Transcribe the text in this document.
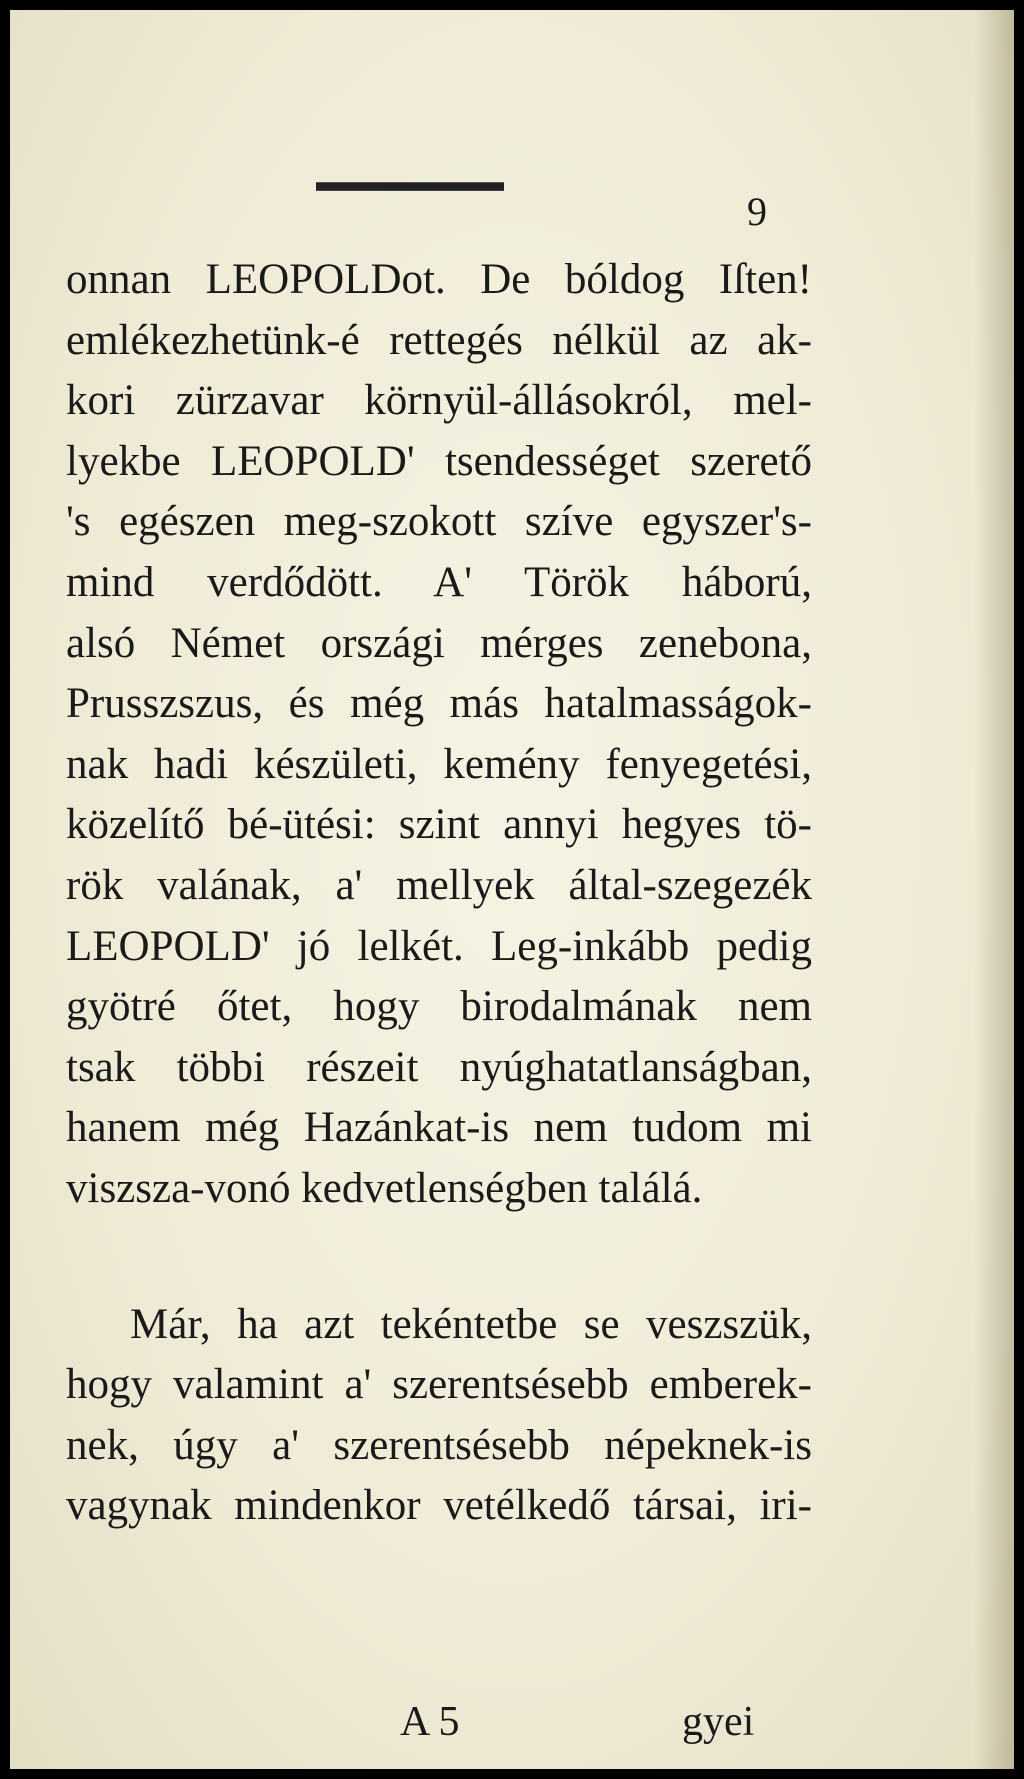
9
onnan LEOPOLDot. De bóldog Iſten!
emlékezhetünk-é rettegés nélkül az ak-
kori zürzavar környül-állásokról, mel-
lyekbe LEOPOLD' tsendességet szerető
's egészen meg-szokott szíve egyszer's-
mind verdődött. A' Török háború,
alsó Német országi mérges zenebona,
Prusszszus, és még más hatalmasságok-
nak hadi készületi, kemény fenyegetési,
közelítő bé-ütési: szint annyi hegyes tö-
rök valának, a' mellyek által-szegezék
LEOPOLD' jó lelkét. Leg-inkább pedig
gyötré őtet, hogy birodalmának nem
tsak többi részeit nyúghatatlanságban,
hanem még Hazánkat-is nem tudom mi
viszsza-vonó kedvetlenségben találá.
Már, ha azt tekéntetbe se veszszük,
hogy valamint a' szerentsésebb emberek-
nek, úgy a' szerentsésebb népeknek-is
vagynak mindenkor vetélkedő társai, iri-
A 5	gyei
